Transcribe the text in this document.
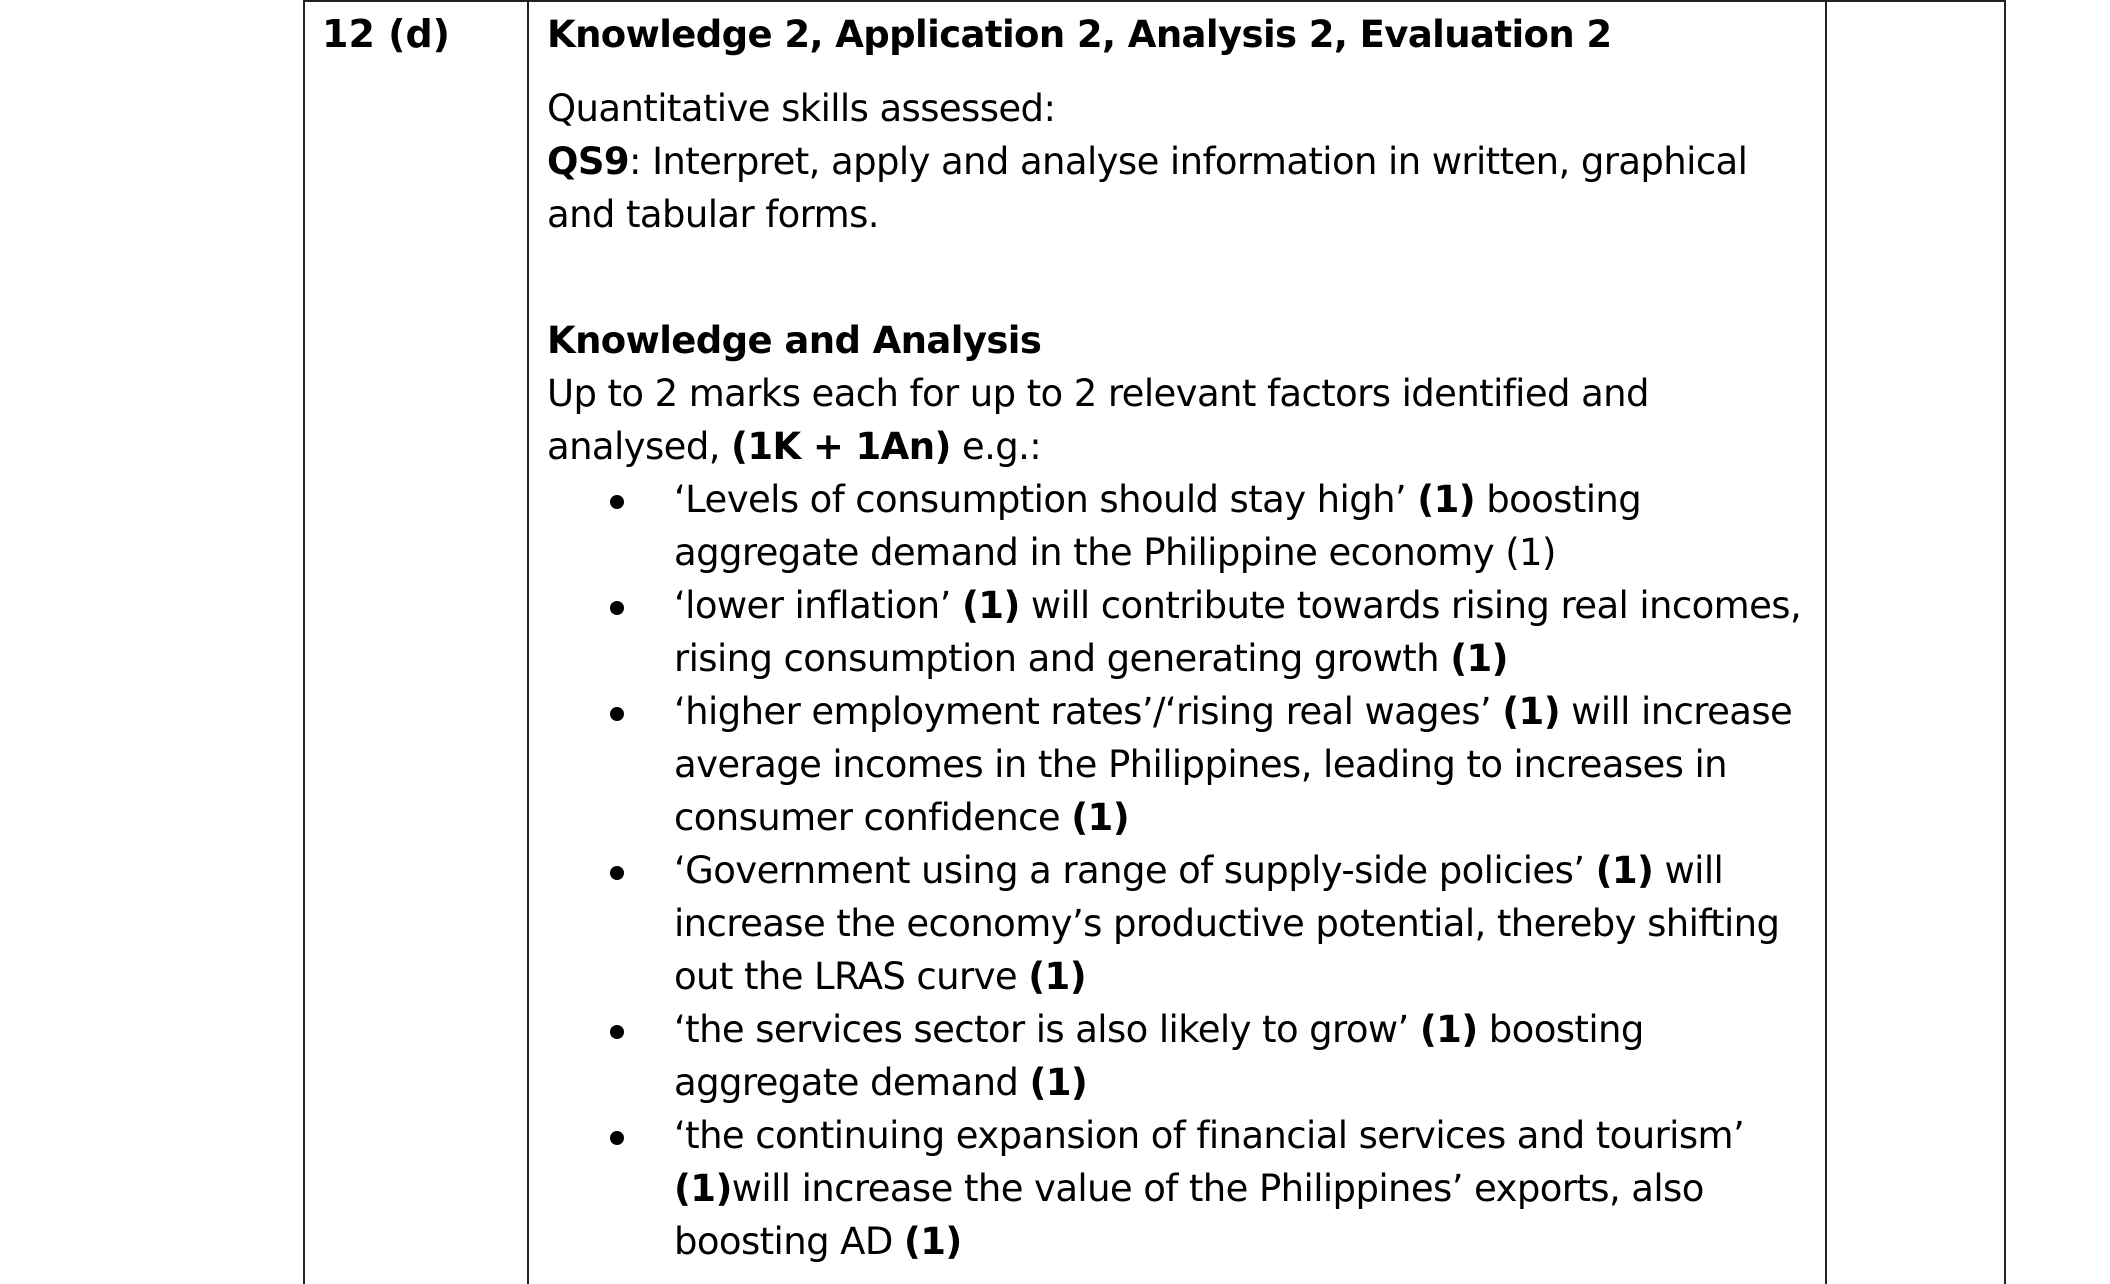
12 (d)	Knowledge 2, Application 2, Analysis 2, Evaluation 2

Quantitative skills assessed:

QS9: Interpret, apply and analyse information in written, graphical and tabular forms.

Knowledge and Analysis

Up to 2 marks each for up to 2 relevant factors identified and analysed, (1K + 1An) e.g.:

‘Levels of consumption should stay high’ (1) boosting aggregate demand in the Philippine economy (1)
‘lower inflation’ (1) will contribute towards rising real incomes, rising consumption and generating growth (1)
‘higher employment rates’/‘rising real wages’ (1) will increase average incomes in the Philippines, leading to increases in consumer confidence (1)
‘Government using a range of supply-side policies’ (1) will increase the economy’s productive potential, thereby shifting out the LRAS curve (1)
‘the services sector is also likely to grow’ (1) boosting aggregate demand (1)
‘the continuing expansion of financial services and tourism’ (1)will increase the value of the Philippines’ exports, also boosting AD (1)
